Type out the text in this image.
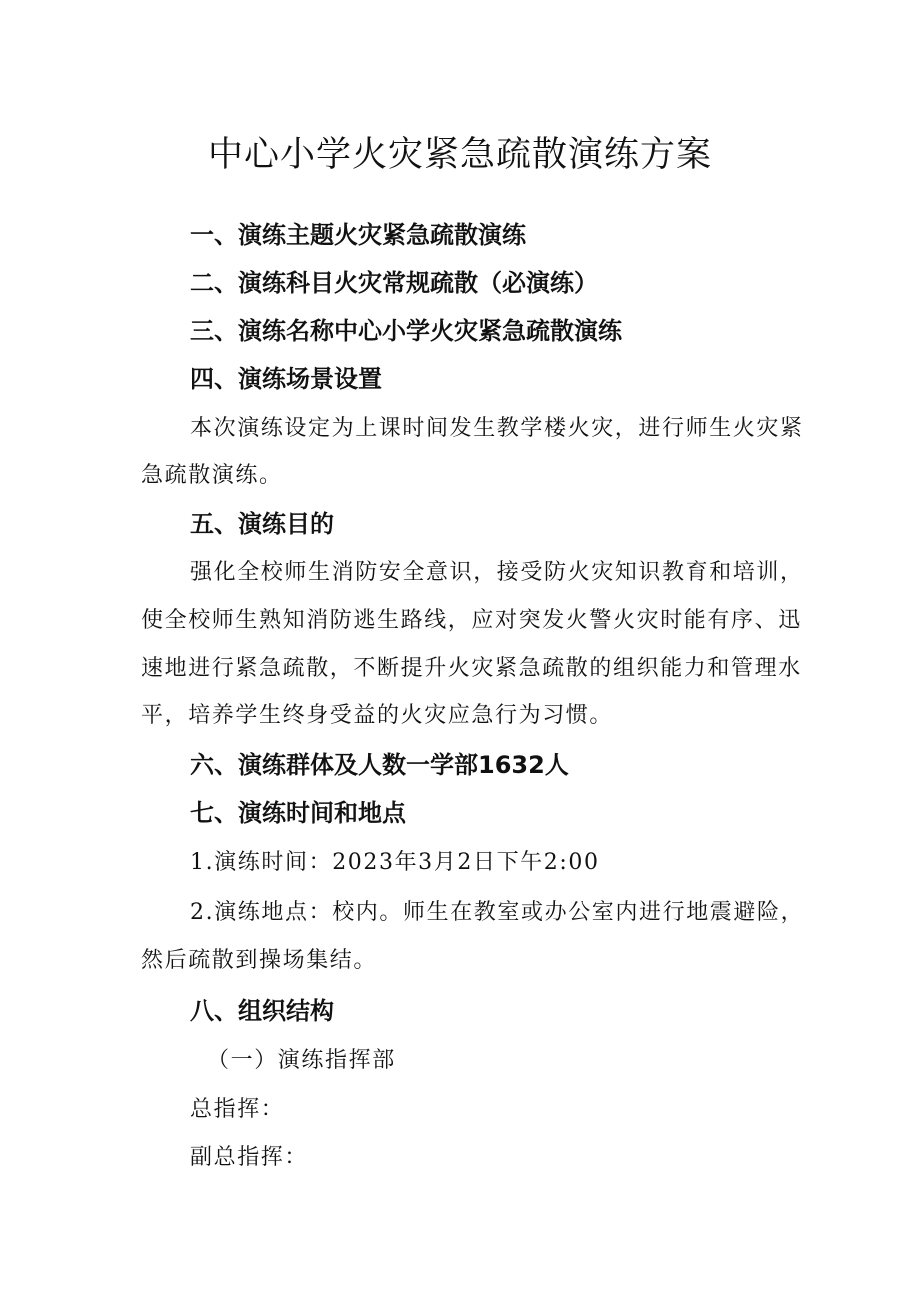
中心小学火灾紧急疏散演练方案
一、演练主题火灾紧急疏散演练
二、演练科目火灾常规疏散（必演练）
三、演练名称中心小学火灾紧急疏散演练
四、演练场景设置
本次演练设定为上课时间发生教学楼火灾，进行师生火灾紧
急疏散演练。
五、演练目的
强化全校师生消防安全意识，接受防火灾知识教育和培训，
使全校师生熟知消防逃生路线，应对突发火警火灾时能有序、迅
速地进行紧急疏散，不断提升火灾紧急疏散的组织能力和管理水
平，培养学生终身受益的火灾应急行为习惯。
六、演练群体及人数一学部1632人
七、演练时间和地点
1.演练时间：2023年3月2日下午2:00
2.演练地点：校内。师生在教室或办公室内进行地震避险，
然后疏散到操场集结。
八、组织结构
（一）演练指挥部
总指挥：
副总指挥：
